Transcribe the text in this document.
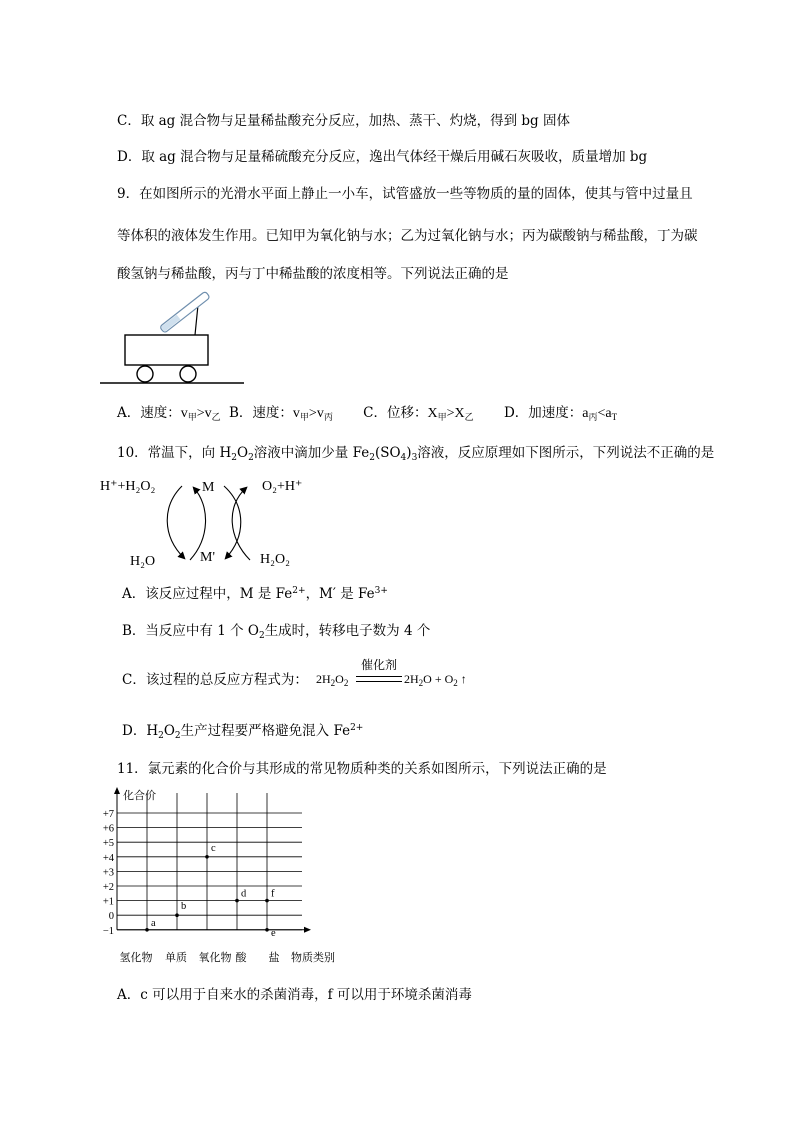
C．取 ag 混合物与足量稀盐酸充分反应，加热、蒸干、灼烧，得到 bg 固体
D．取 ag 混合物与足量稀硫酸充分反应，逸出气体经干燥后用碱石灰吸收，质量增加 bg
9．在如图所示的光滑水平面上静止一小车，试管盛放一些等物质的量的固体，使其与管中过量且
等体积的液体发生作用。已知甲为氧化钠与水；乙为过氧化钠与水；丙为碳酸钠与稀盐酸，丁为碳
酸氢钠与稀盐酸，丙与丁中稀盐酸的浓度相等。下列说法正确的是
A．速度：$v_甲>v_乙$ B．速度：$v_甲>v_丙$ C．位移：$X_甲>X_乙$ D．加速度：$a_丙<a_T$
10．常温下，向 $H_2O_2$溶液中滴加少量 $Fe_2(SO_4)_3$溶液，反应原理如下图所示，下列说法不正确的是
H⁺+H₂O₂	M	O₂+H⁺
H₂O	M'	H₂O₂
A．该反应过程中，M 是 $Fe^{2+}$，M′ 是 $Fe^{3+}$
B．当反应中有 1 个 $O_2$生成时，转移电子数为 4 个
C．该过程的总反应方程式为： $2H_2O_2$
催化剂
$2H_2O + O_2$ ↑
D．$H_2O_2$生产过程要严格避免混入 $Fe^{2+}$
11．氯元素的化合价与其形成的常见物质种类的关系如图所示，下列说法正确的是
化合价
+7
+6
+5
+4
+3
+2
+1
0
−1
氢化物 单质 氧化物 酸 盐 物质类别
a
b
c
d f
e
A．c 可以用于自来水的杀菌消毒，f 可以用于环境杀菌消毒
